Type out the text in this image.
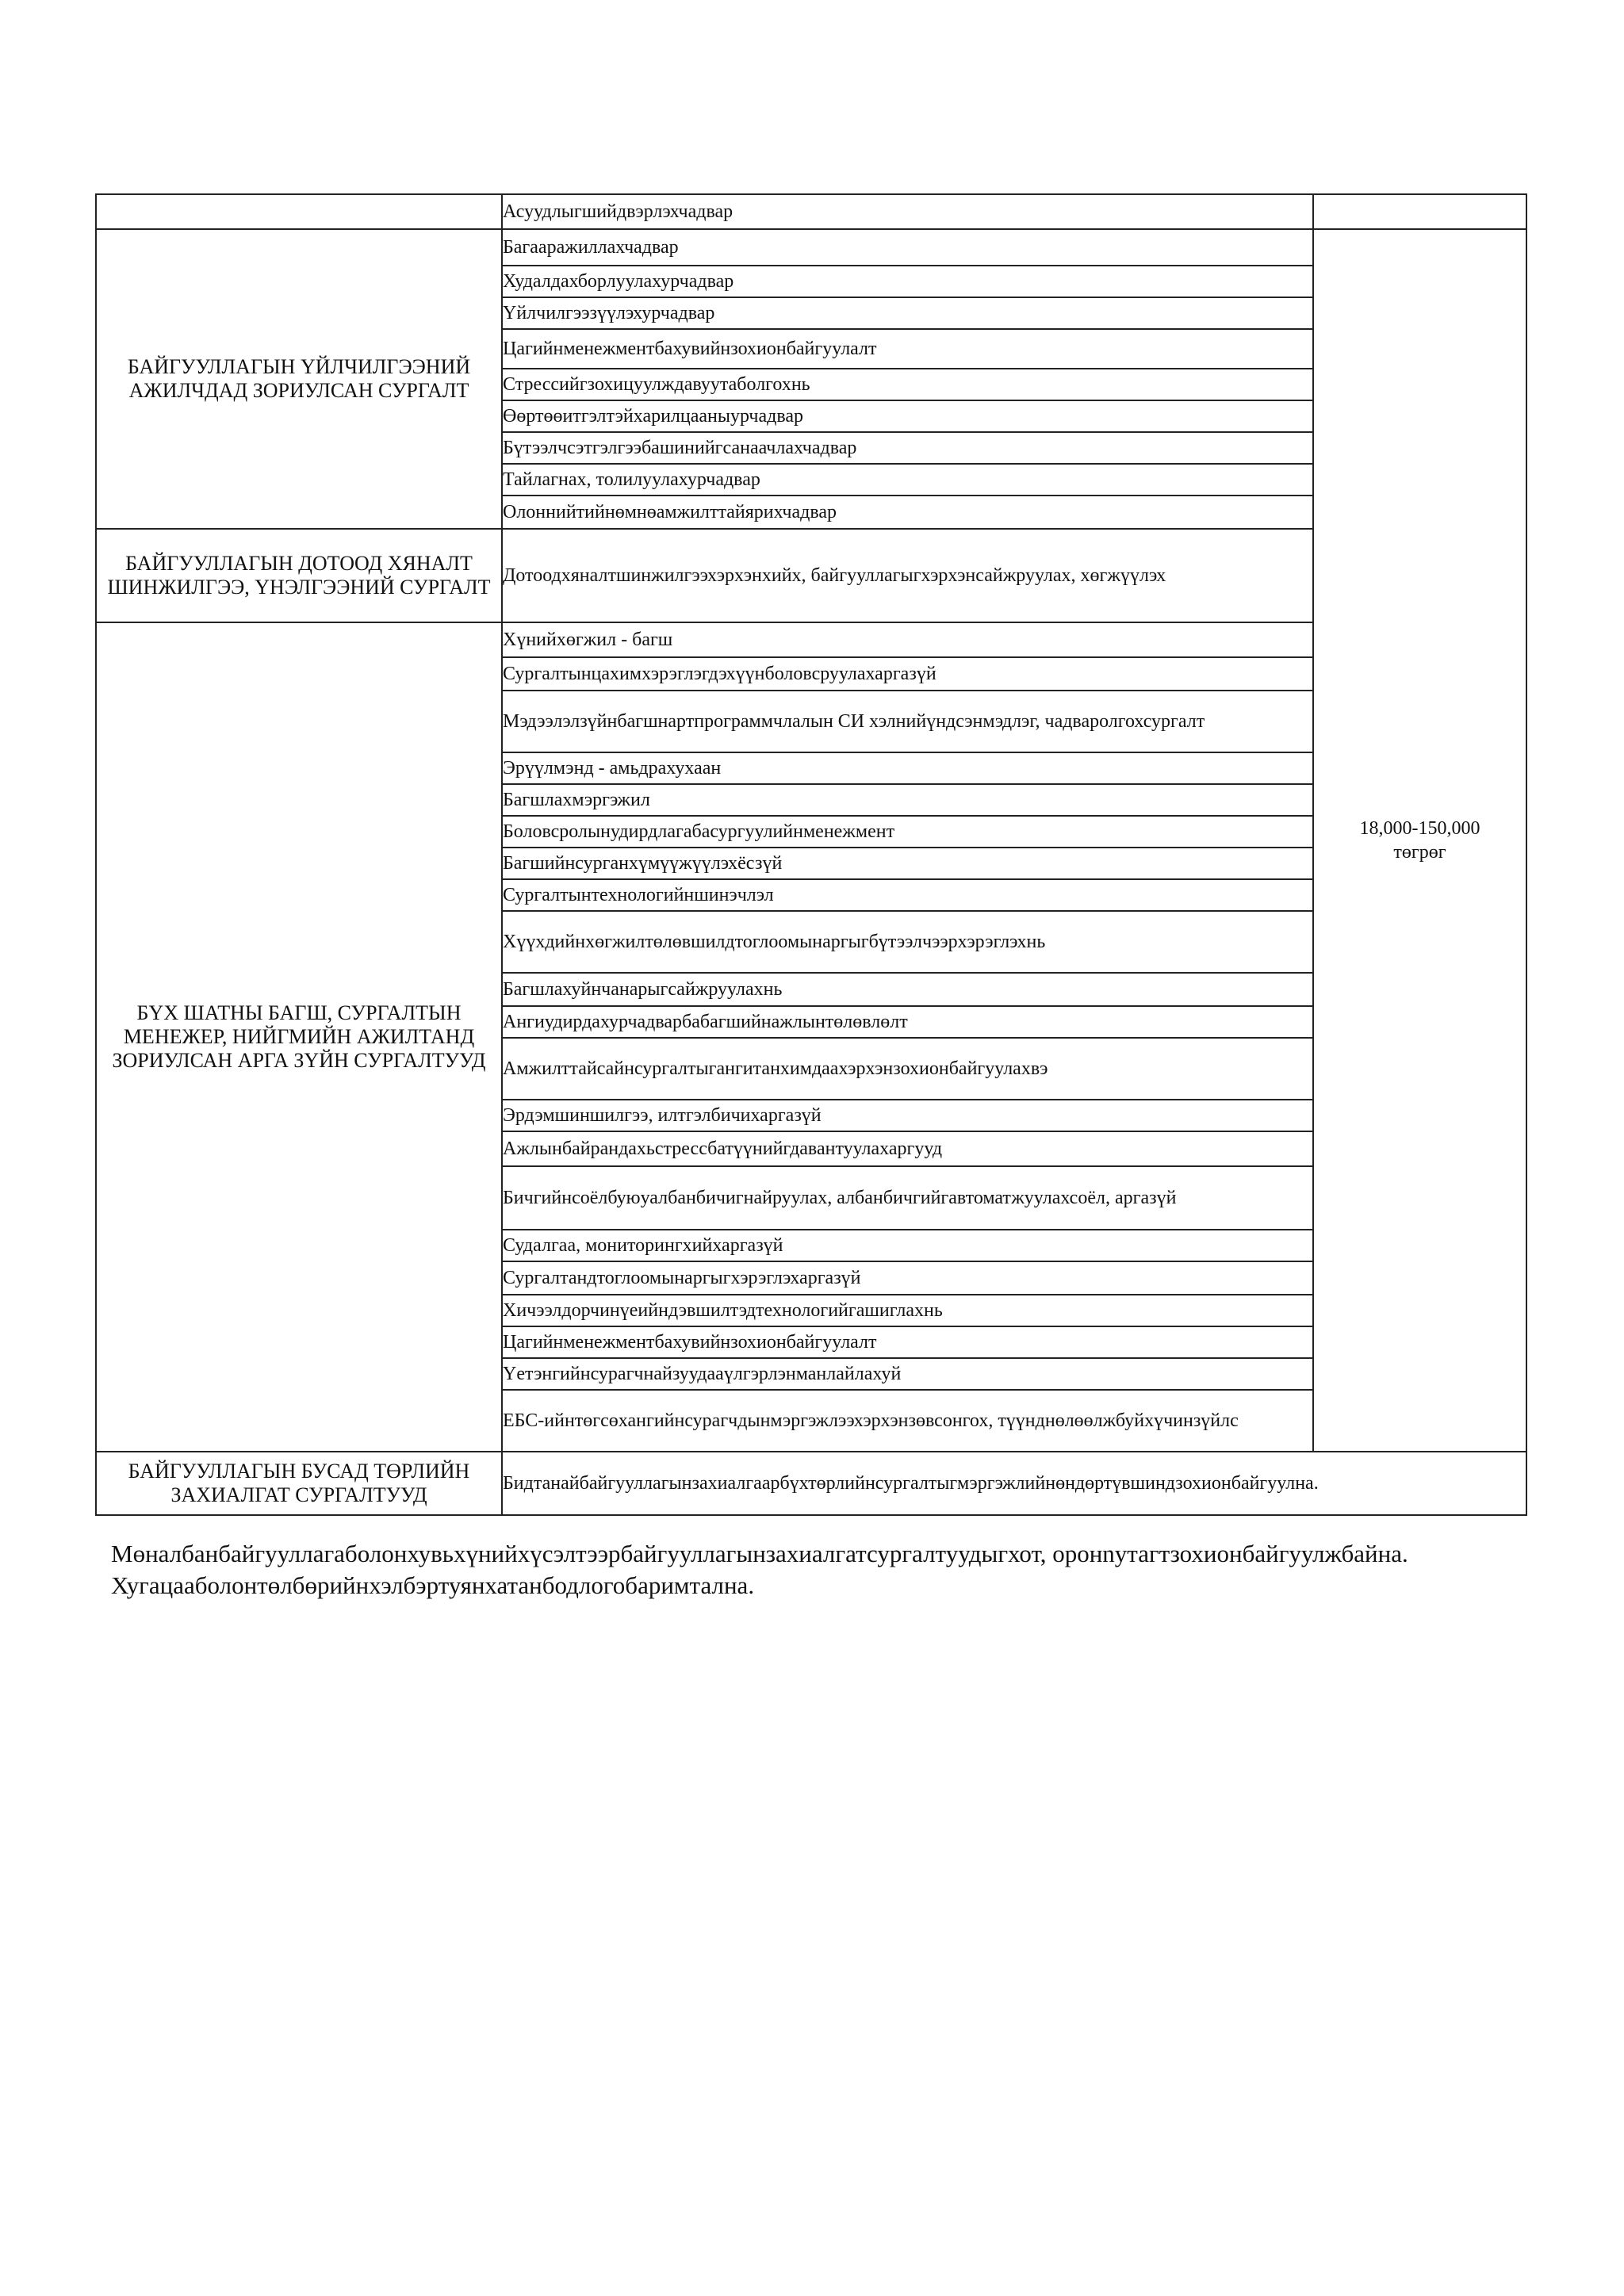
	Асуудлыгшийдвэрлэхчадвар	
БАЙГУУЛЛАГЫН ҮЙЛЧИЛГЭЭНИЙ АЖИЛЧДАД ЗОРИУЛСАН СУРГАЛТ	Багааражиллахчадвар	18,000-150,000
төгрөг
	Худалдахборлуулахурчадвар	
	Үйлчилгээзүүлэхурчадвар	
	Цагийнменежментбахувийнзохионбайгуулалт	
	Стрессийгзохицуулждавуутаболгохнь	
	Өөртөөитгэлтэйхарилцааныурчадвар	
	Бүтээлчсэтгэлгээбашинийгсанаачлахчадвар	
	Тайлагнах, толилуулахурчадвар	
	Олоннийтийнөмнөамжилттайярихчадвар	
БАЙГУУЛЛАГЫН ДОТООД ХЯНАЛТ ШИНЖИЛГЭЭ, ҮНЭЛГЭЭНИЙ СУРГАЛТ	Дотоодхяналтшинжилгээхэрхэнхийх, байгууллагыгхэрхэнсайжруулах, хөгжүүлэх	
БҮХ ШАТНЫ БАГШ, СУРГАЛТЫН МЕНЕЖЕР, НИЙГМИЙН АЖИЛТАНД ЗОРИУЛСАН АРГА ЗҮЙН СУРГАЛТУУД	Хүнийхөгжил - багш	
	Сургалтынцахимхэрэглэгдэхүүнболовсруулахаргазүй	
	Мэдээлэлзүйнбагшнарт​программчлалын СИ хэлнийүндсэнмэдлэг, чадваролгохсургалт	
	Эрүүлмэнд - амьдрахухаан	
	Багшлахмэргэжил	
	Боловсролынудирдлагабасургуулийнменежмент	
	Багшийнсурганхүмүүжүүлэхёсзүй	
	Сургалтынтехнологийншинэчлэл	
	Хүүхдийнхөгжилтөлөвшилдтоглоомынаргыгбүтээлчээрхэрэглэхнь	
	Багшлахуйнчанарыгсайжруулахнь	
	Ангиудирдахурчадварбабагшийнажлынтөлөвлөлт	
	Амжилттайсайнсургалтыгангитанхимдаахэрхэнзохионбайгуулахвэ	
	Эрдэмшиншилгээ, илтгэлбичихаргазүй	
	Ажлынбайрандахьстрессбатүүнийгдавантуулахаргууд	
	Бичгийнсоёлбуюуалбанбичигнайруулах, албанбичгийгавтоматжуулахсоёл, аргазүй	
	Судалгаа, мониторингхийхаргазүй	
	Сургалтандтоглоомынаргыгхэрэглэхаргазүй	
	Хичээлдорчинүеийндэвшилтэдтехнологийгашиглахнь	
	Цагийнменежментбахувийнзохионбайгуулалт	
	Үетэнгийнсурагчнайзуудаaүлгэрлэнманлайлахуй	
	ЕБС-ийнтөгсөхангийнсурагчдынмэргэжлээхэрхэнзөвсонгох, түүнднөлөөлжбуйхүчинзүйлс	
БАЙГУУЛЛАГЫН БУСАД ТӨРЛИЙН ЗАХИАЛГАТ СУРГАЛТУУД	Бидтанайбайгууллагынзахиалгаарбүхтөрлийнсургалтыгмэргэжлийнөндөртүвшиндзохионбайгуулна.	
Мөналбанбайгууллагаболонхувьхүнийхүсэлтээрбайгууллагынзахиалгатсургалтуудыгхот, оронnутагтзохионбайгуулжбайна. Хугацааболонтөлбөрийнхэлбэртуянхатанбодлогобаримтална.
